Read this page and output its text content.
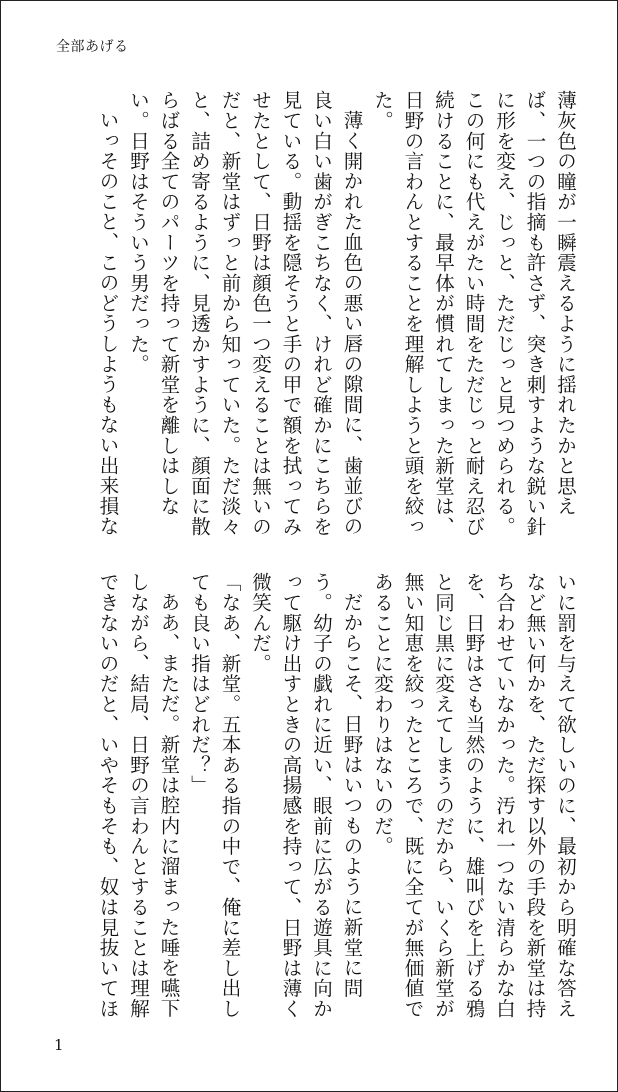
全部あげる

薄灰色の瞳が一瞬震えるように揺れたかと思えば、一つの指摘も許さず、突き刺すような鋭い針に形を変え、じっと、ただじっと見つめられる。この何にも代えがたい時間をただじっと耐え忍び続けることに、最早体が慣れてしまった新堂は、日野の言わんとすることを理解しようと頭を絞った。

薄く開かれた血色の悪い唇の隙間に、歯並びの良い白い歯がぎこちなく、けれど確かにこちらを見ている。動揺を隠そうと手の甲で額を拭ってみせたとして、日野は顔色一つ変えることは無いのだと、新堂はずっと前から知っていた。ただ淡々と、詰め寄るように、見透かすように、顔面に散らばる全てのパーツを持って新堂を離しはしない。日野はそういう男だった。

いっそのこと、このどうしようもない出来損な

いに罰を与えて欲しいのに、最初から明確な答えなど無い何かを、ただ探す以外の手段を新堂は持ち合わせていなかった。汚れ一つない清らかな白を、日野はさも当然のように、雄叫びを上げる鴉と同じ黒に変えてしまうのだから、いくら新堂が無い知恵を絞ったところで、既に全てが無価値であることに変わりはないのだ。

だからこそ、日野はいつものように新堂に問う。幼子の戯れに近い、眼前に広がる遊具に向かって駆け出すときの高揚感を持って、日野は薄く微笑んだ。

「なあ、新堂。五本ある指の中で、俺に差し出しても良い指はどれだ？」

ああ、まただ。新堂は腔内に溜まった唾を嚥下しながら、結局、日野の言わんとすることは理解できないのだと、いやそもそも、奴は見抜いてほ

1
